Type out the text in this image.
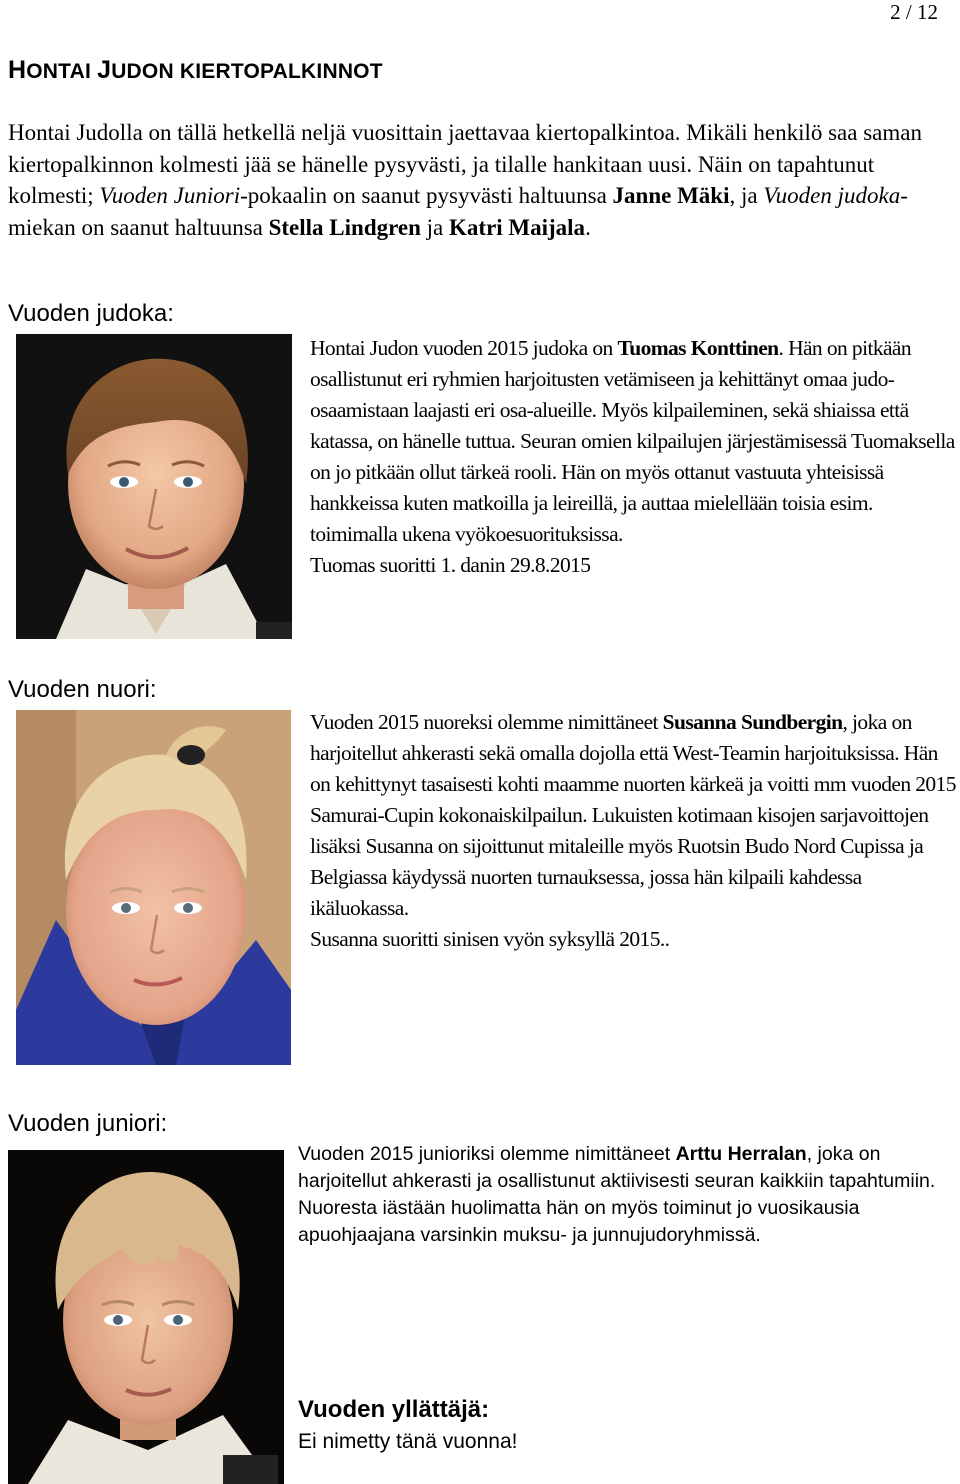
2 / 12
HONTAI JUDON KIERTOPALKINNOT
Hontai Judolla on tällä hetkellä neljä vuosittain jaettavaa kiertopalkintoa. Mikäli henkilö saa saman kiertopalkinnon kolmesti jää se hänelle pysyvästi, ja tilalle hankitaan uusi. Näin on tapahtunut kolmesti; Vuoden Juniori-pokaalin on saanut pysyvästi haltuunsa Janne Mäki, ja Vuoden judoka-miekan on saanut haltuunsa Stella Lindgren ja Katri Maijala.
Vuoden judoka:

Hontai Judon vuoden 2015 judoka on Tuomas Konttinen. Hän on pitkään osallistunut eri ryhmien harjoitusten vetämiseen ja kehittänyt omaa judo-osaamistaan laajasti eri osa-alueille. Myös kilpaileminen, sekä shiaissa että katassa, on hänelle tuttua. Seuran omien kilpailujen järjestämisessä Tuomaksella on jo pitkään ollut tärkeä rooli. Hän on myös ottanut vastuuta yhteisissä hankkeissa kuten matkoilla ja leireillä, ja auttaa mielellään toisia esim. toimimalla ukena vyökoesuorituksissa.

Tuomas suoritti 1. danin 29.8.2015

Vuoden nuori:

Vuoden 2015 nuoreksi olemme nimittäneet Susanna Sundbergin, joka on harjoitellut ahkerasti sekä omalla dojolla että West-Teamin harjoituksissa. Hän on kehittynyt tasaisesti kohti maamme nuorten kärkeä ja voitti mm vuoden 2015 Samurai-Cupin kokonaiskilpailun. Lukuisten kotimaan kisojen sarjavoittojen lisäksi Susanna on sijoittunut mitaleille myös Ruotsin Budo Nord Cupissa ja Belgiassa käydyssä nuorten turnauksessa, jossa hän kilpaili kahdessa ikäluokassa.

Susanna suoritti sinisen vyön syksyllä 2015..

Vuoden juniori:

Vuoden 2015 junioriksi olemme nimittäneet Arttu Herralan, joka on harjoitellut ahkerasti ja osallistunut aktiivisesti seuran kaikkiin tapahtumiin.

Nuoresta iästään huolimatta hän on myös toiminut jo vuosikausia apuohjaajana varsinkin muksu- ja junnujudoryhmissä.

Vuoden yllättäjä:
Ei nimetty tänä vuonna!
